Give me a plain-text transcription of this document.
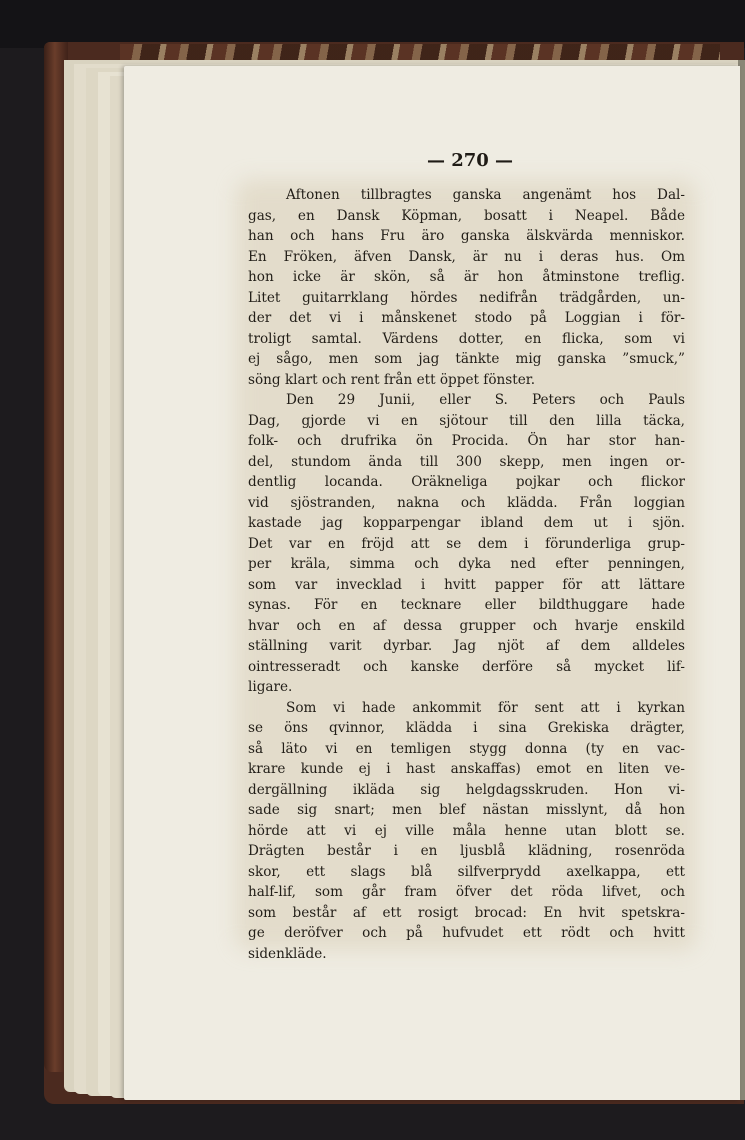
— 270 —
Aftonen tillbragtes ganska angenämt hos Dal-
gas, en Dansk Köpman, bosatt i Neapel. Både
han och hans Fru äro ganska älskvärda menniskor.
En Fröken, äfven Dansk, är nu i deras hus. Om
hon icke är skön, så är hon åtminstone treflig.
Litet guitarrklang hördes nedifrån trädgården, un-
der det vi i månskenet stodo på Loggian i för-
troligt samtal. Värdens dotter, en flicka, som vi
ej sågo, men som jag tänkte mig ganska ”smuck,”
söng klart och rent från ett öppet fönster.
Den 29 Junii, eller S. Peters och Pauls
Dag, gjorde vi en sjötour till den lilla täcka,
folk- och drufrika ön Procida. Ön har stor han-
del, stundom ända till 300 skepp, men ingen or-
dentlig locanda. Oräkneliga pojkar och flickor
vid sjöstranden, nakna och klädda. Från loggian
kastade jag kopparpengar ibland dem ut i sjön.
Det var en fröjd att se dem i förunderliga grup-
per kräla, simma och dyka ned efter penningen,
som var invecklad i hvitt papper för att lättare
synas. För en tecknare eller bildthuggare hade
hvar och en af dessa grupper och hvarje enskild
ställning varit dyrbar. Jag njöt af dem alldeles
ointresseradt och kanske derföre så mycket lif-
ligare.
Som vi hade ankommit för sent att i kyrkan
se öns qvinnor, klädda i sina Grekiska drägter,
så läto vi en temligen stygg donna (ty en vac-
krare kunde ej i hast anskaffas) emot en liten ve-
dergällning ikläda sig helgdagsskruden. Hon vi-
sade sig snart; men blef nästan misslynt, då hon
hörde att vi ej ville måla henne utan blott se.
Drägten består i en ljusblå klädning, rosenröda
skor, ett slags blå silfverprydd axelkappa, ett
half-lif, som går fram öfver det röda lifvet, och
som består af ett rosigt brocad: En hvit spetskra-
ge deröfver och på hufvudet ett rödt och hvitt
sidenkläde.
